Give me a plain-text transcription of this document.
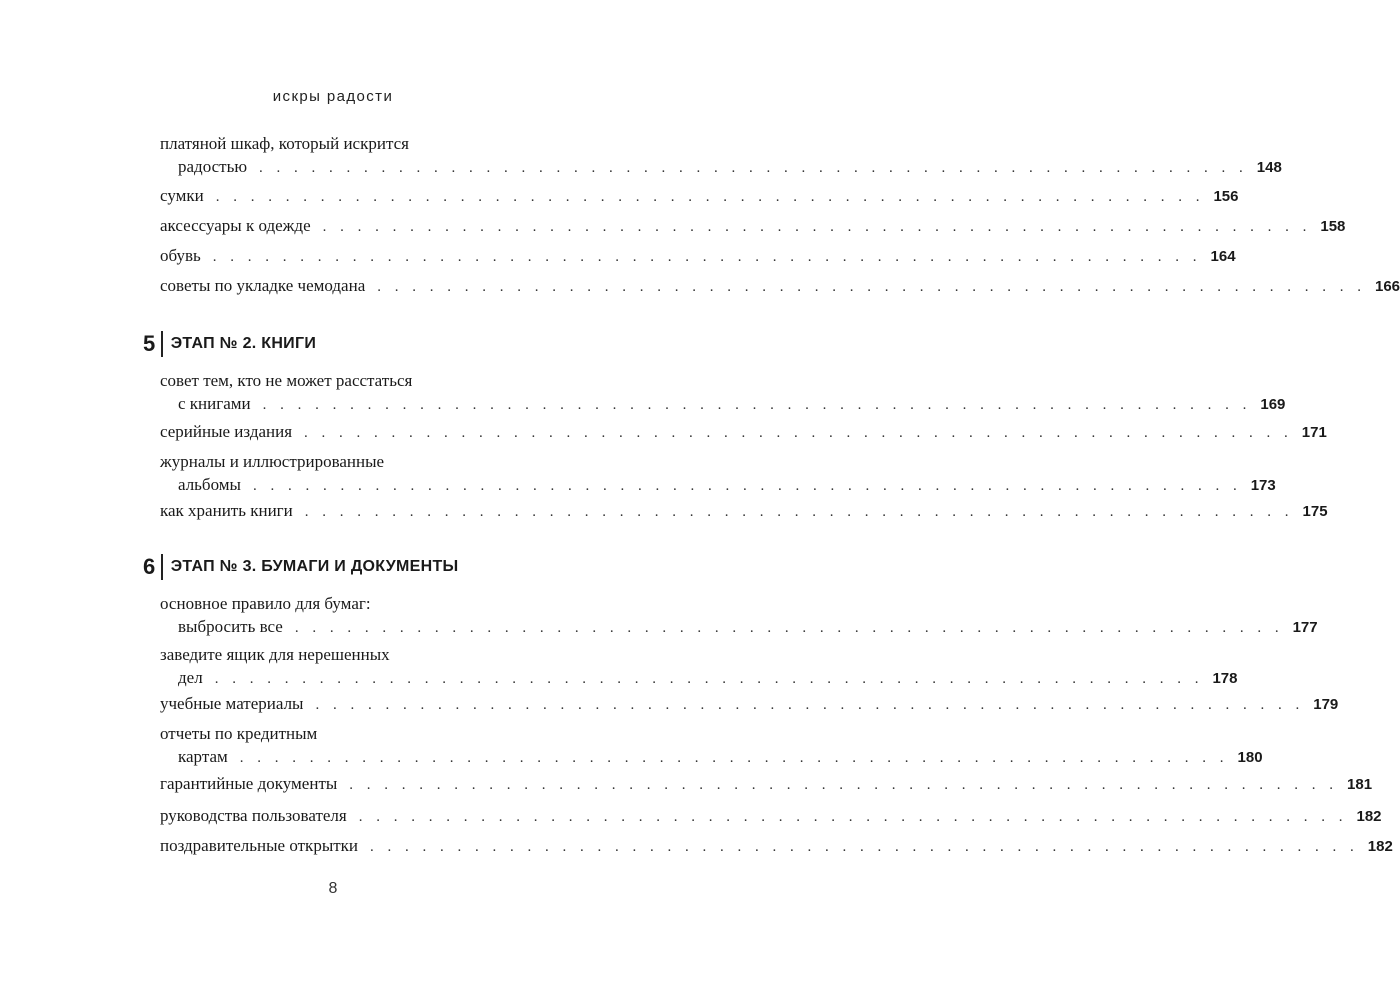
искры радости
платяной шкаф, который искрится
радостью . . . . . . . . . . . . . . . . . . . . . . . . . . . . . . . . . . . . . . . . . . . . . . . . . . . . . . . . . 148
сумки . . . . . . . . . . . . . . . . . . . . . . . . . . . . . . . . . . . . . . . . . . . . . . . . . . . . . . . . . 156
аксессуары к одежде . . . . . . . . . . . . . . . . . . . . . . . . . . . . . . . . . . . . . . . . . . . . . . . . . . . . . . . . . 158
обувь . . . . . . . . . . . . . . . . . . . . . . . . . . . . . . . . . . . . . . . . . . . . . . . . . . . . . . . . . 164
советы по укладке чемодана . . . . . . . . . . . . . . . . . . . . . . . . . . . . . . . . . . . . . . . . . . . . . . . . . . . . . . . . . 166
5 ЭТАП № 2. КНИГИ
совет тем, кто не может расстаться
с книгами . . . . . . . . . . . . . . . . . . . . . . . . . . . . . . . . . . . . . . . . . . . . . . . . . . . . . . . . . 169
серийные издания . . . . . . . . . . . . . . . . . . . . . . . . . . . . . . . . . . . . . . . . . . . . . . . . . . . . . . . . . 171
журналы и иллюстрированные
альбомы . . . . . . . . . . . . . . . . . . . . . . . . . . . . . . . . . . . . . . . . . . . . . . . . . . . . . . . . . 173
как хранить книги . . . . . . . . . . . . . . . . . . . . . . . . . . . . . . . . . . . . . . . . . . . . . . . . . . . . . . . . . 175
6 ЭТАП № 3. БУМАГИ И ДОКУМЕНТЫ
основное правило для бумаг:
выбросить все . . . . . . . . . . . . . . . . . . . . . . . . . . . . . . . . . . . . . . . . . . . . . . . . . . . . . . . . . 177
заведите ящик для нерешенных
дел . . . . . . . . . . . . . . . . . . . . . . . . . . . . . . . . . . . . . . . . . . . . . . . . . . . . . . . . . 178
учебные материалы . . . . . . . . . . . . . . . . . . . . . . . . . . . . . . . . . . . . . . . . . . . . . . . . . . . . . . . . . 179
отчеты по кредитным
картам . . . . . . . . . . . . . . . . . . . . . . . . . . . . . . . . . . . . . . . . . . . . . . . . . . . . . . . . . 180
гарантийные документы . . . . . . . . . . . . . . . . . . . . . . . . . . . . . . . . . . . . . . . . . . . . . . . . . . . . . . . . . 181
руководства пользователя . . . . . . . . . . . . . . . . . . . . . . . . . . . . . . . . . . . . . . . . . . . . . . . . . . . . . . . . . 182
поздравительные открытки . . . . . . . . . . . . . . . . . . . . . . . . . . . . . . . . . . . . . . . . . . . . . . . . . . . . . . . . . 182
8
